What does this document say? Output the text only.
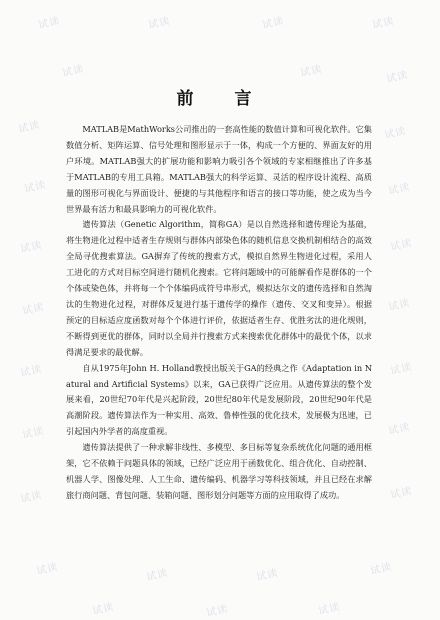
试读	试读	试读	试读
试读	试读	试读
试读	试读
试读	试读
试读	试读
试读	试读
试读	试读
试读	试读
试读	试读
试读	试读	试读	试读
试读	试读	试读
前　言

MATLAB是MathWorks公司推出的一套高性能的数值计算和可视化软件。它集数值分析、矩阵运算、信号处理和图形显示于一体，构成一个方便的、界面友好的用户环境。MATLAB强大的扩展功能和影响力吸引各个领域的专家相继推出了许多基于MATLAB的专用工具箱。MATLAB强大的科学运算、灵活的程序设计流程、高质量的图形可视化与界面设计、便捷的与其他程序和语言的接口等功能，使之成为当今世界最有活力和最具影响力的可视化软件。

遗传算法（Genetic Algorithm，简称GA）是以自然选择和遗传理论为基础，将生物进化过程中适者生存规则与群体内部染色体的随机信息交换机制相结合的高效全局寻优搜索算法。GA摒弃了传统的搜索方式，模拟自然界生物进化过程，采用人工进化的方式对目标空间进行随机化搜索。它将问题域中的可能解看作是群体的一个个体或染色体，并将每一个个体编码成符号串形式，模拟达尔文的遗传选择和自然淘汰的生物进化过程，对群体反复进行基于遗传学的操作（遗传、交叉和变异）。根据预定的目标适应度函数对每个个体进行评价，依据适者生存、优胜劣汰的进化规则，不断得到更优的群体，同时以全局并行搜索方式来搜索优化群体中的最优个体，以求得满足要求的最优解。

自从1975年John H. Holland教授出版关于GA的经典之作《Adaptation in Natural and Artificial Systems》以来，GA已获得广泛应用。从遗传算法的整个发展来看，20世纪70年代是兴起阶段，20世纪80年代是发展阶段，20世纪90年代是高潮阶段。遗传算法作为一种实用、高效、鲁棒性强的优化技术，发展极为迅速，已引起国内外学者的高度重视。

遗传算法提供了一种求解非线性、多模型、多目标等复杂系统优化问题的通用框架，它不依赖于问题具体的领域，已经广泛应用于函数优化、组合优化、自动控制、机器人学、图像处理、人工生命、遗传编码、机器学习等科技领域，并且已经在求解旅行商问题、背包问题、装箱问题、图形划分问题等方面的应用取得了成功。
